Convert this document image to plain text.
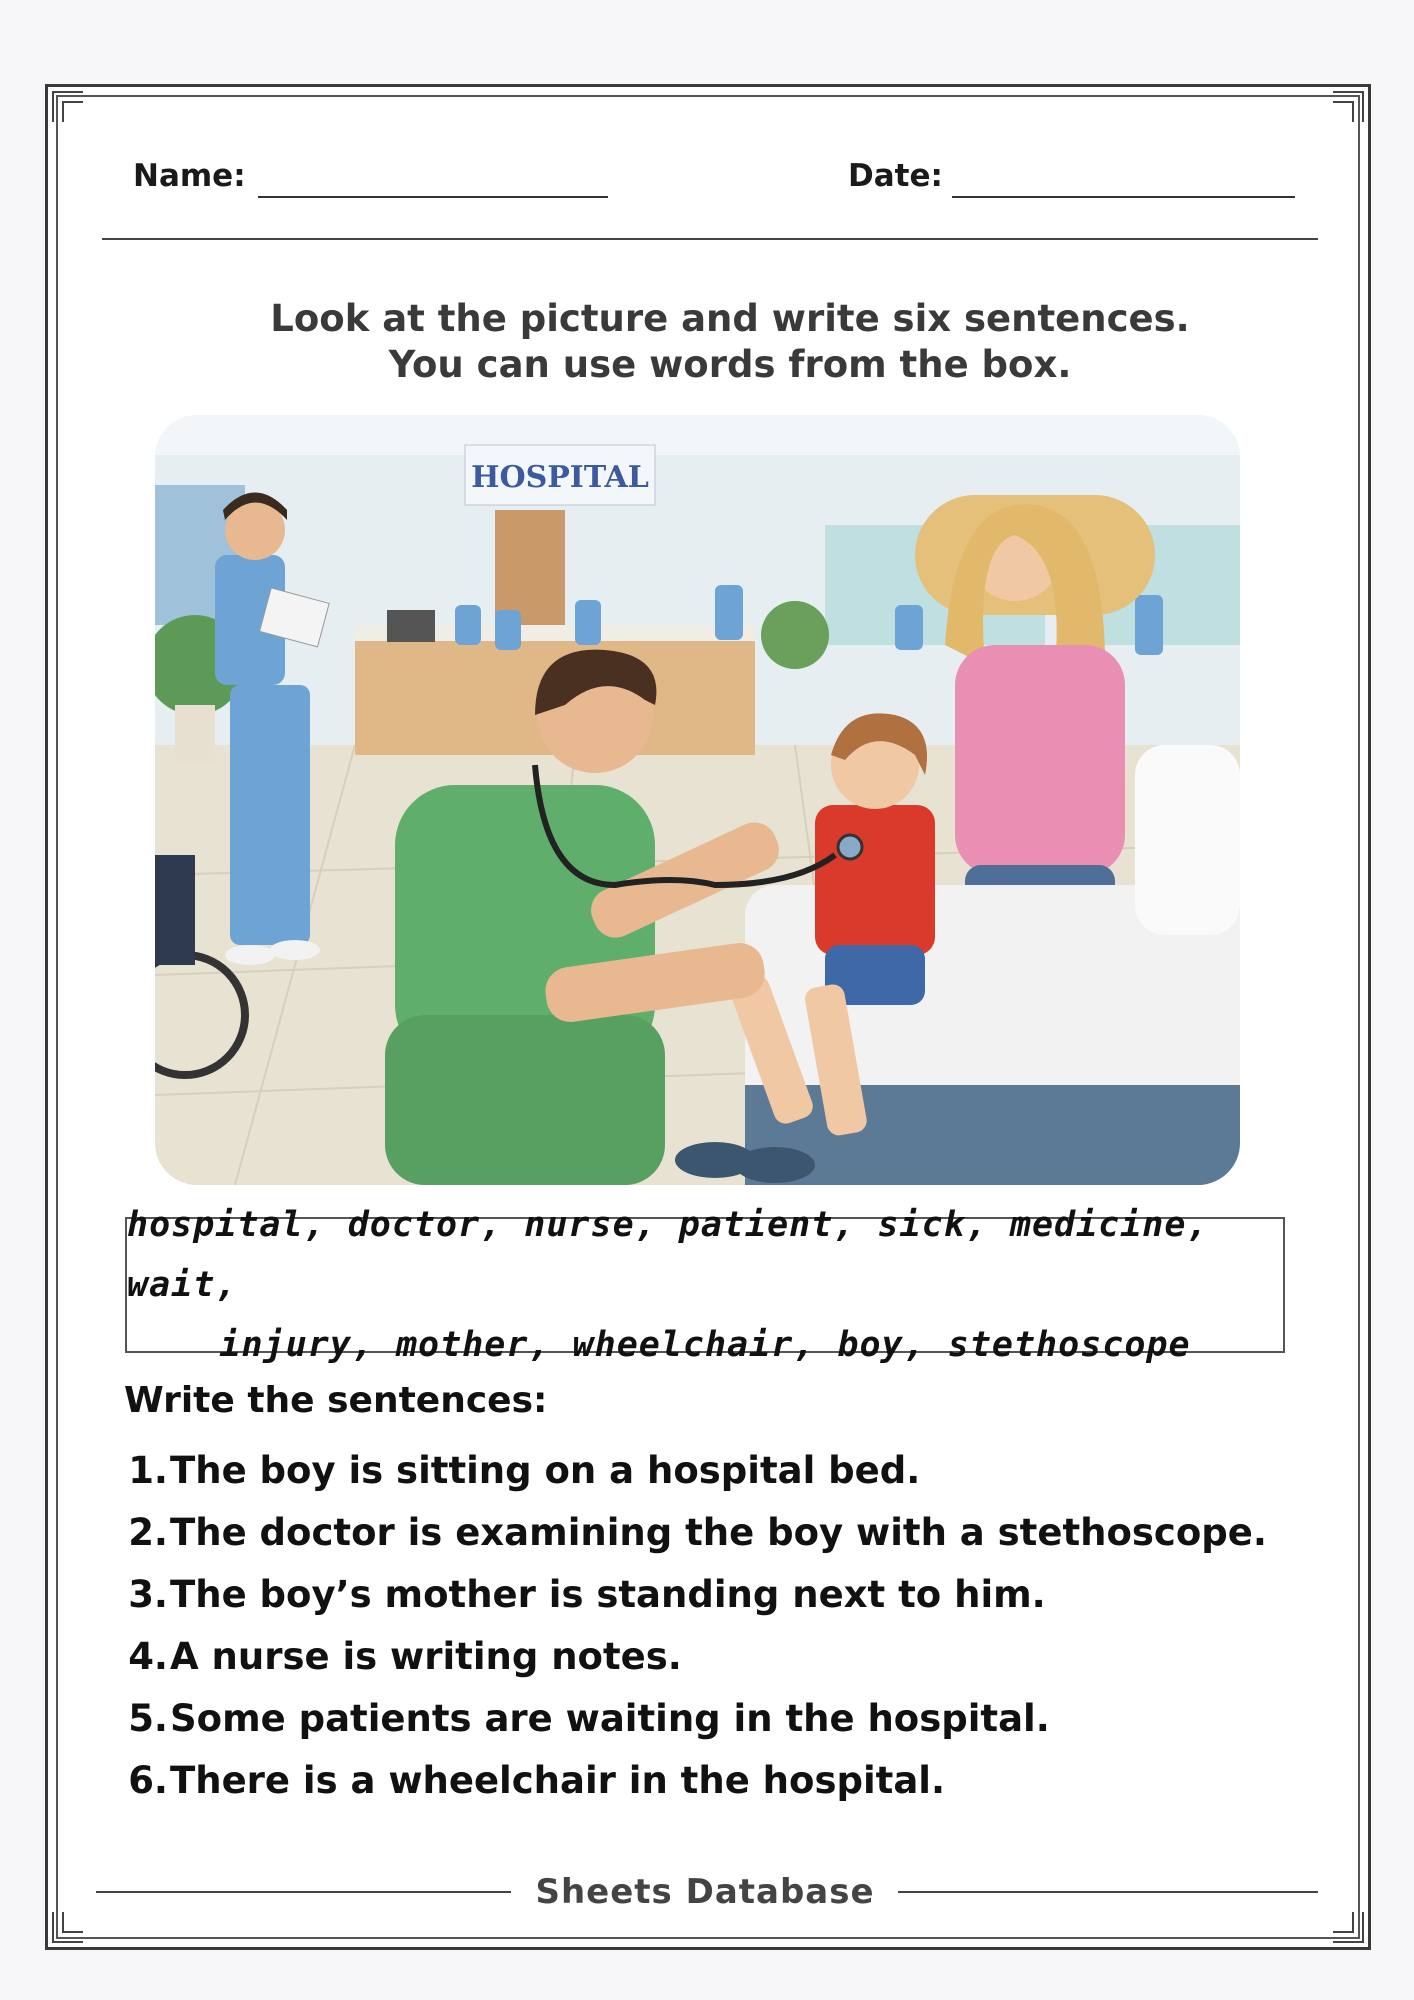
Name:	Date:
Look at the picture and write six sentences.
You can use words from the box.
HOSPITAL
hospital, doctor, nurse, patient, sick, medicine, wait,
injury, mother, wheelchair, boy, stethoscope
Write the sentences:
1. The boy is sitting on a hospital bed.
2. The doctor is examining the boy with a stethoscope.
3. The boy’s mother is standing next to him.
4. A nurse is writing notes.
5. Some patients are waiting in the hospital.
6. There is a wheelchair in the hospital.
Sheets Database
